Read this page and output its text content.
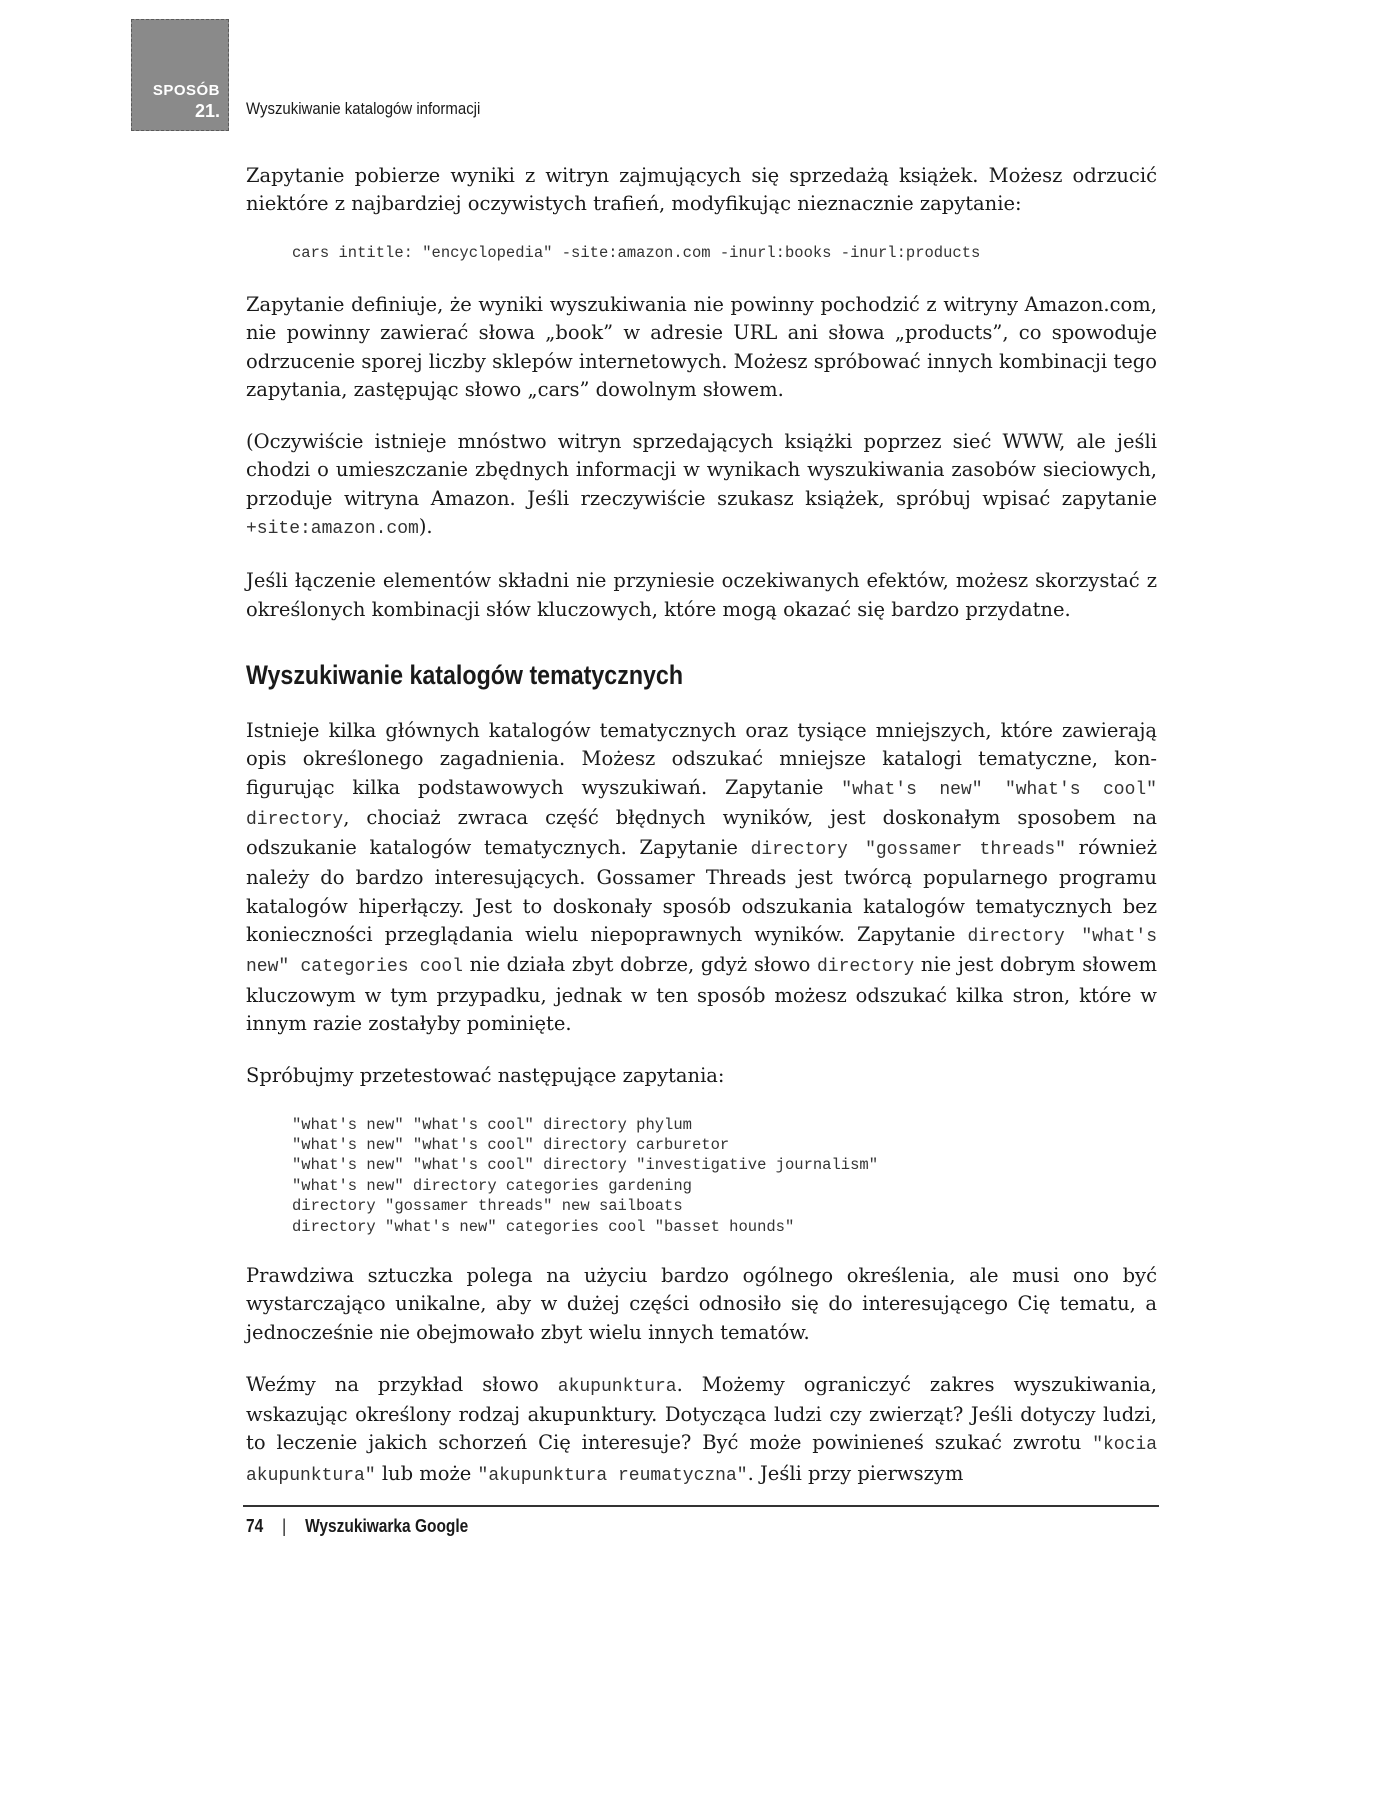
SPOSÓB
21. Wyszukiwanie katalogów informacji

Zapytanie pobierze wyniki z witryn zajmujących się sprzedażą książek. Możesz odrzucić niektóre z najbardziej oczywistych trafień, modyfikując nieznacznie zapytanie:

cars intitle: "encyclopedia" -site:amazon.com -inurl:books -inurl:products

Zapytanie definiuje, że wyniki wyszukiwania nie powinny pochodzić z witryny Amazon.com, nie powinny zawierać słowa „book” w adresie URL ani słowa „products”, co spowoduje odrzucenie sporej liczby sklepów internetowych. Możesz spróbować innych kombinacji tego zapytania, zastępując słowo „cars” dowolnym słowem.

(Oczywiście istnieje mnóstwo witryn sprzedających książki poprzez sieć WWW, ale jeśli chodzi o umieszczanie zbędnych informacji w wynikach wyszukiwania zasobów sieciowych, przoduje witryna Amazon. Jeśli rzeczywiście szukasz książek, spróbuj wpisać zapytanie +site:amazon.com).

Jeśli łączenie elementów składni nie przyniesie oczekiwanych efektów, możesz skorzystać z określonych kombinacji słów kluczowych, które mogą okazać się bardzo przydatne.

Wyszukiwanie katalogów tematycznych

Istnieje kilka głównych katalogów tematycznych oraz tysiące mniejszych, które zawierają opis określonego zagadnienia. Możesz odszukać mniejsze katalogi tematyczne, konfigurując kilka podstawowych wyszukiwań. Zapytanie "what's new" "what's cool" directory, chociaż zwraca część błędnych wyników, jest doskonałym sposobem na odszukanie katalogów tematycznych. Zapytanie directory "gossamer threads" również należy do bardzo interesujących. Gossamer Threads jest twórcą popularnego programu katalogów hiperłączy. Jest to doskonały sposób odszukania katalogów tematycznych bez konieczności przeglądania wielu niepoprawnych wyników. Zapytanie directory "what's new" categories cool nie działa zbyt dobrze, gdyż słowo directory nie jest dobrym słowem kluczowym w tym przypadku, jednak w ten sposób możesz odszukać kilka stron, które w innym razie zostałyby pominięte.

Spróbujmy przetestować następujące zapytania:

"what's new" "what's cool" directory phylum
"what's new" "what's cool" directory carburetor
"what's new" "what's cool" directory "investigative journalism"
"what's new" directory categories gardening
directory "gossamer threads" new sailboats
directory "what's new" categories cool "basset hounds"

Prawdziwa sztuczka polega na użyciu bardzo ogólnego określenia, ale musi ono być wystarczająco unikalne, aby w dużej części odnosiło się do interesującego Cię tematu, a jednocześnie nie obejmowało zbyt wielu innych tematów.

Weźmy na przykład słowo akupunktura. Możemy ograniczyć zakres wyszukiwania, wskazując określony rodzaj akupunktury. Dotycząca ludzi czy zwierząt? Jeśli dotyczy ludzi, to leczenie jakich schorzeń Cię interesuje? Być może powinieneś szukać zwrotu "kocia akupunktura" lub może "akupunktura reumatyczna". Jeśli przy pierwszym

74 | Wyszukiwarka Google
